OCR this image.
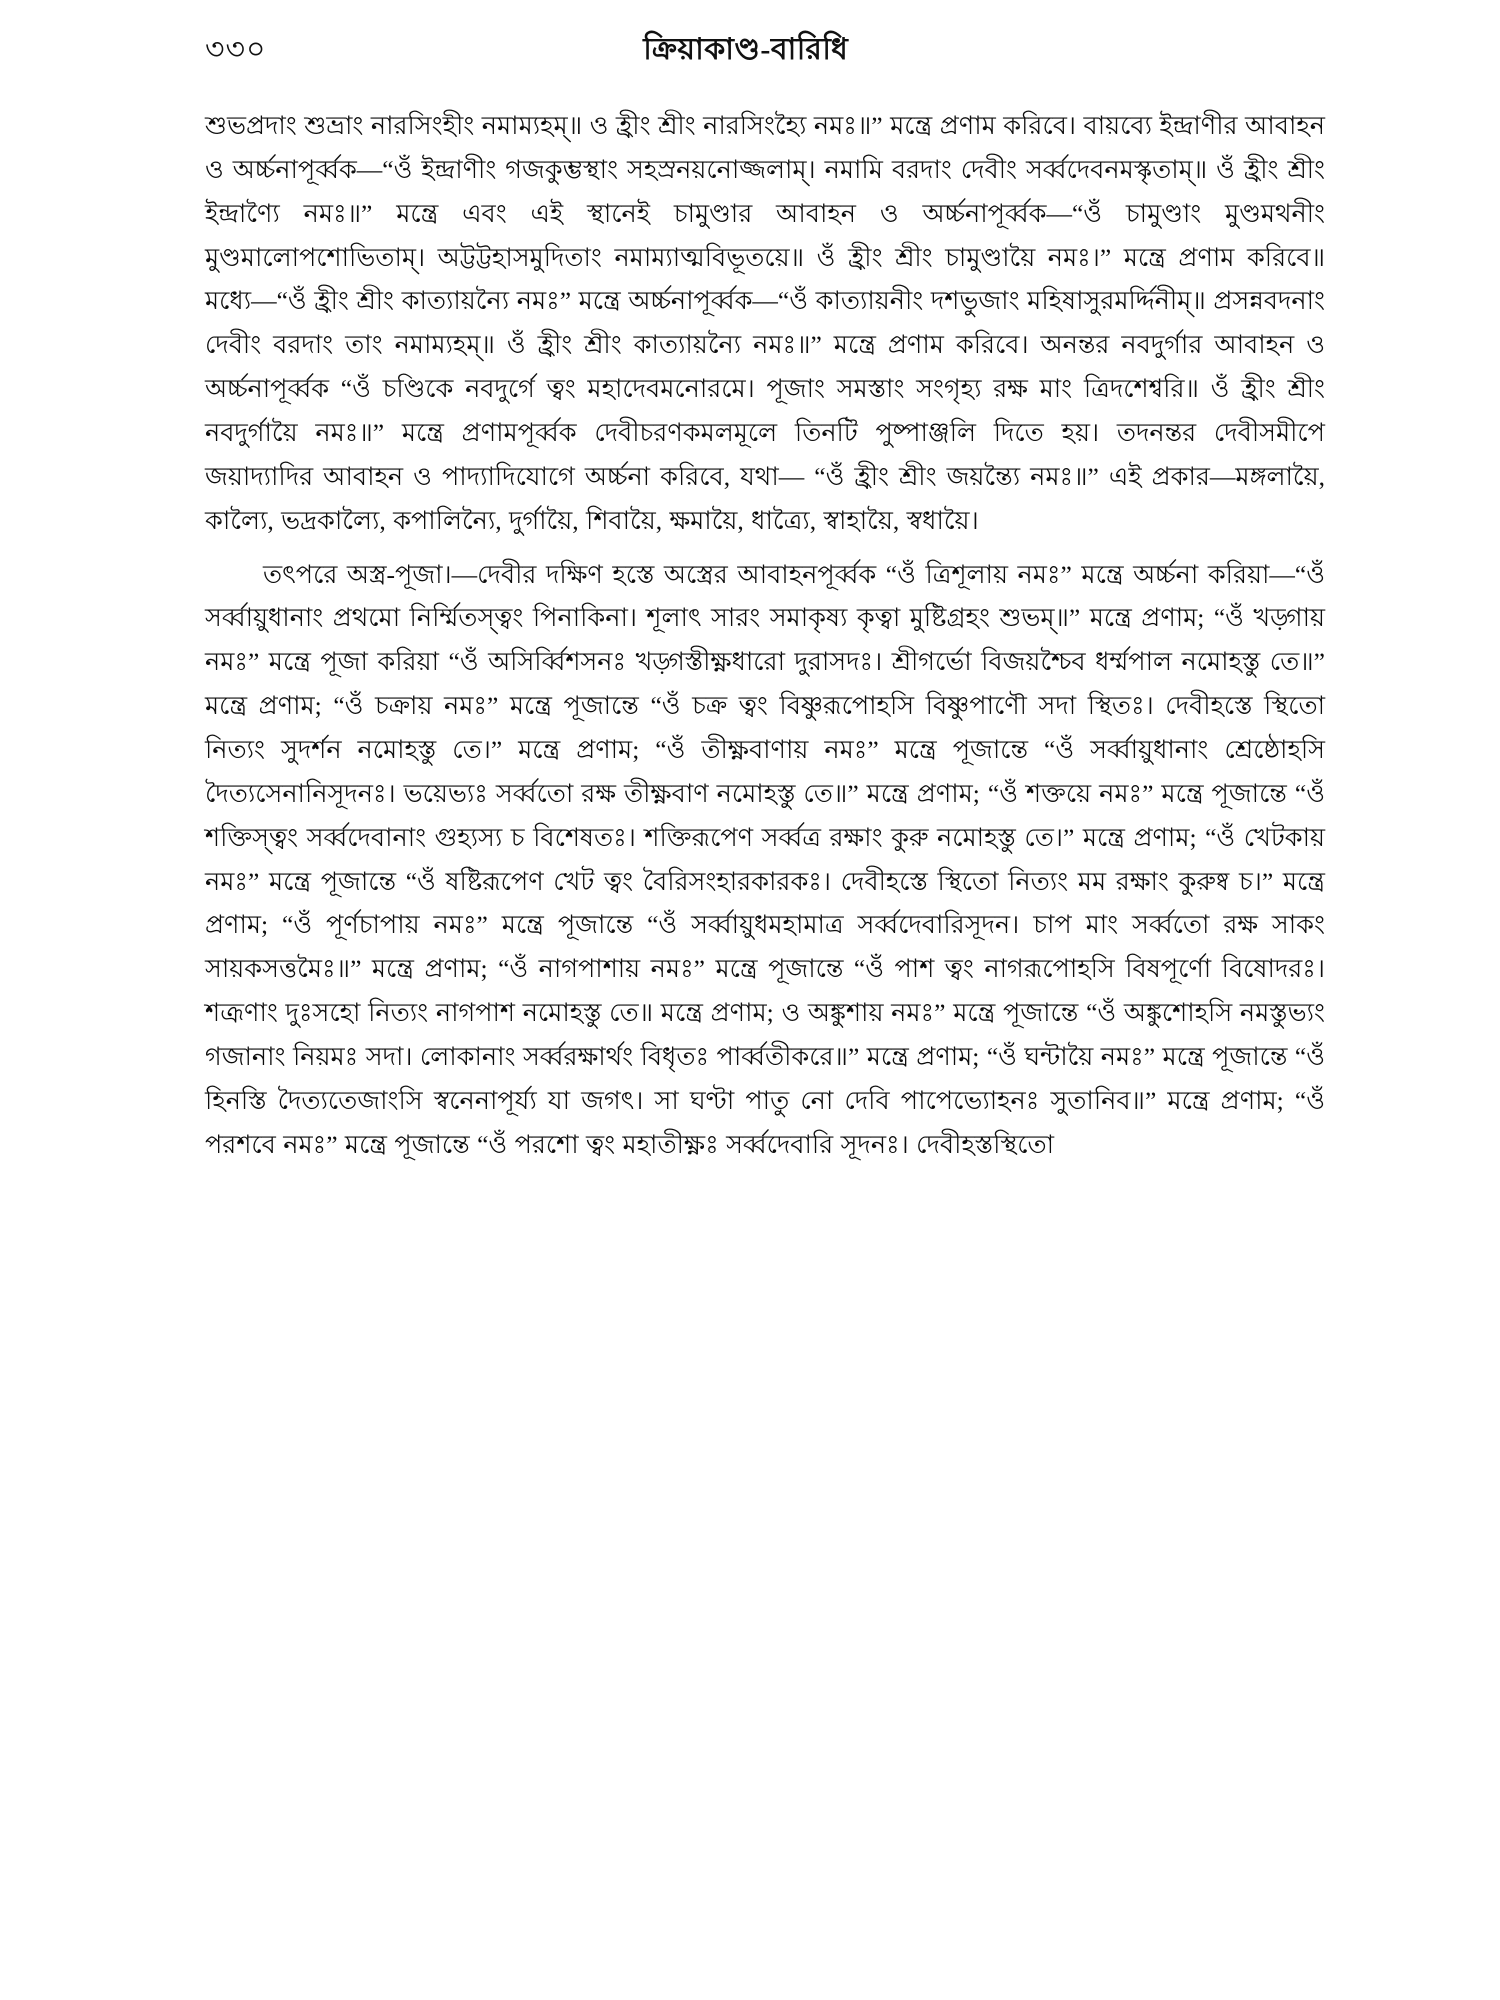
৩৩০	ক্রিয়াকাণ্ড-বারিধি

শুভপ্রদাং শুভ্রাং নারসিংহীং নমাম্যহম্॥ ও হ্রীং শ্রীং নারসিংহ্যৈ নমঃ॥” মন্ত্রে প্রণাম করিবে। বায়ব্যে ইন্দ্রাণীর আবাহন ও অর্চ্চনাপূর্ব্বক—“ওঁ ইন্দ্রাণীং গজকুম্ভস্থাং সহস্রনয়নোজ্জলাম্। নমামি বরদাং দেবীং সর্ব্বদেবনমস্কৃতাম্॥ ওঁ হ্রীং শ্রীং ইন্দ্রাণ্যৈ নমঃ॥” মন্ত্রে এবং এই স্থানেই চামুণ্ডার আবাহন ও অর্চ্চনাপূর্ব্বক—“ওঁ চামুণ্ডাং মুণ্ডমথনীং মুণ্ডমালোপশোভিতাম্। অট্টট্টহাসমুদিতাং নমাম্যাত্মবিভূতয়ে॥ ওঁ হ্রীং শ্রীং চামুণ্ডায়ৈ নমঃ।” মন্ত্রে প্রণাম করিবে॥ মধ্যে—“ওঁ হ্রীং শ্রীং কাত্যায়ন্যৈ নমঃ” মন্ত্রে অর্চ্চনাপূর্ব্বক—“ওঁ কাত্যায়নীং দশভুজাং মহিষাসুরমর্দ্দিনীম্॥ প্রসন্নবদনাং দেবীং বরদাং তাং নমাম্যহম্॥ ওঁ হ্রীং শ্রীং কাত্যায়ন্যৈ নমঃ॥” মন্ত্রে প্রণাম করিবে। অনন্তর নবদুর্গার আবাহন ও অর্চ্চনাপূর্ব্বক “ওঁ চণ্ডিকে নবদুর্গে ত্বং মহাদেবমনোরমে। পূজাং সমস্তাং সংগৃহ্য রক্ষ মাং ত্রিদশেশ্বরি॥ ওঁ হ্রীং শ্রীং নবদুর্গায়ৈ নমঃ॥” মন্ত্রে প্রণামপূর্ব্বক দেবীচরণকমলমূলে তিনটি পুষ্পাঞ্জলি দিতে হয়। তদনন্তর দেবীসমীপে জয়াদ্যাদির আবাহন ও পাদ্যাদিযোগে অর্চ্চনা করিবে, যথা— “ওঁ হ্রীং শ্রীং জয়ন্ত্যৈ নমঃ॥” এই প্রকার—মঙ্গলায়ৈ, কাল্যৈ, ভদ্রকাল্যৈ, কপালিন্যৈ, দুর্গায়ৈ, শিবায়ৈ, ক্ষমায়ৈ, ধাত্র্যৈ, স্বাহায়ৈ, স্বধায়ৈ।

তৎপরে অস্ত্র-পূজা।—দেবীর দক্ষিণ হস্তে অস্ত্রের আবাহনপূর্ব্বক “ওঁ ত্রিশূলায় নমঃ” মন্ত্রে অর্চ্চনা করিয়া—“ওঁ সর্ব্বায়ুধানাং প্রথমো নির্ম্মিতস্ত্বং পিনাকিনা। শূলাৎ সারং সমাকৃষ্য কৃত্বা মুষ্টিগ্রহং শুভম্॥” মন্ত্রে প্রণাম; “ওঁ খড়্গায় নমঃ” মন্ত্রে পূজা করিয়া “ওঁ অসির্ব্বিশসনঃ খড়্গস্তীক্ষ্ণধারো দুরাসদঃ। শ্রীগর্ভো বিজয়শ্চৈব ধর্ম্মপাল নমোহস্তু তে॥” মন্ত্রে প্রণাম; “ওঁ চক্রায় নমঃ” মন্ত্রে পূজান্তে “ওঁ চক্র ত্বং বিষ্ণুরূপোহসি বিষ্ণুপাণৌ সদা স্থিতঃ। দেবীহস্তে স্থিতো নিত্যং সুদর্শন নমোহস্তু তে।” মন্ত্রে প্রণাম; “ওঁ তীক্ষ্ণবাণায় নমঃ” মন্ত্রে পূজান্তে “ওঁ সর্ব্বায়ুধানাং শ্রেষ্ঠোহসি দৈত্যসেনানিসূদনঃ। ভয়েভ্যঃ সর্ব্বতো রক্ষ তীক্ষ্ণবাণ নমোহস্তু তে॥” মন্ত্রে প্রণাম; “ওঁ শক্তয়ে নমঃ” মন্ত্রে পূজান্তে “ওঁ শক্তিস্ত্বং সর্ব্বদেবানাং গুহ্যস্য চ বিশেষতঃ। শক্তিরূপেণ সর্ব্বত্র রক্ষাং কুরু নমোহস্তু তে।” মন্ত্রে প্রণাম; “ওঁ খেটকায় নমঃ” মন্ত্রে পূজান্তে “ওঁ ষষ্টিরূপেণ খেট ত্বং বৈরিসংহারকারকঃ। দেবীহস্তে স্থিতো নিত্যং মম রক্ষাং কুরুষ্ব চ।” মন্ত্রে প্রণাম; “ওঁ পূর্ণচাপায় নমঃ” মন্ত্রে পূজান্তে “ওঁ সর্ব্বায়ুধমহামাত্র সর্ব্বদেবারিসূদন। চাপ মাং সর্ব্বতো রক্ষ সাকং সায়কসত্তমৈঃ॥” মন্ত্রে প্রণাম; “ওঁ নাগপাশায় নমঃ” মন্ত্রে পূজান্তে “ওঁ পাশ ত্বং নাগরূপোহসি বিষপূর্ণো বিষোদরঃ। শত্রূণাং দুঃসহো নিত্যং নাগপাশ নমোহস্তু তে॥ মন্ত্রে প্রণাম; ও অঙ্কুশায় নমঃ” মন্ত্রে পূজান্তে “ওঁ অঙ্কুশোহসি নমস্তুভ্যং গজানাং নিয়মঃ সদা। লোকানাং সর্ব্বরক্ষার্থং বিধৃতঃ পার্ব্বতীকরে॥” মন্ত্রে প্রণাম; “ওঁ ঘন্টায়ৈ নমঃ” মন্ত্রে পূজান্তে “ওঁ হিনস্তি দৈত্যতেজাংসি স্বনেনাপূর্য্য যা জগৎ। সা ঘণ্টা পাতু নো দেবি পাপেভ্যোহনঃ সুতানিব॥” মন্ত্রে প্রণাম; “ওঁ পরশবে নমঃ” মন্ত্রে পূজান্তে “ওঁ পরশো ত্বং মহাতীক্ষ্ণঃ সর্ব্বদেবারি সূদনঃ। দেবীহস্তস্থিতো
